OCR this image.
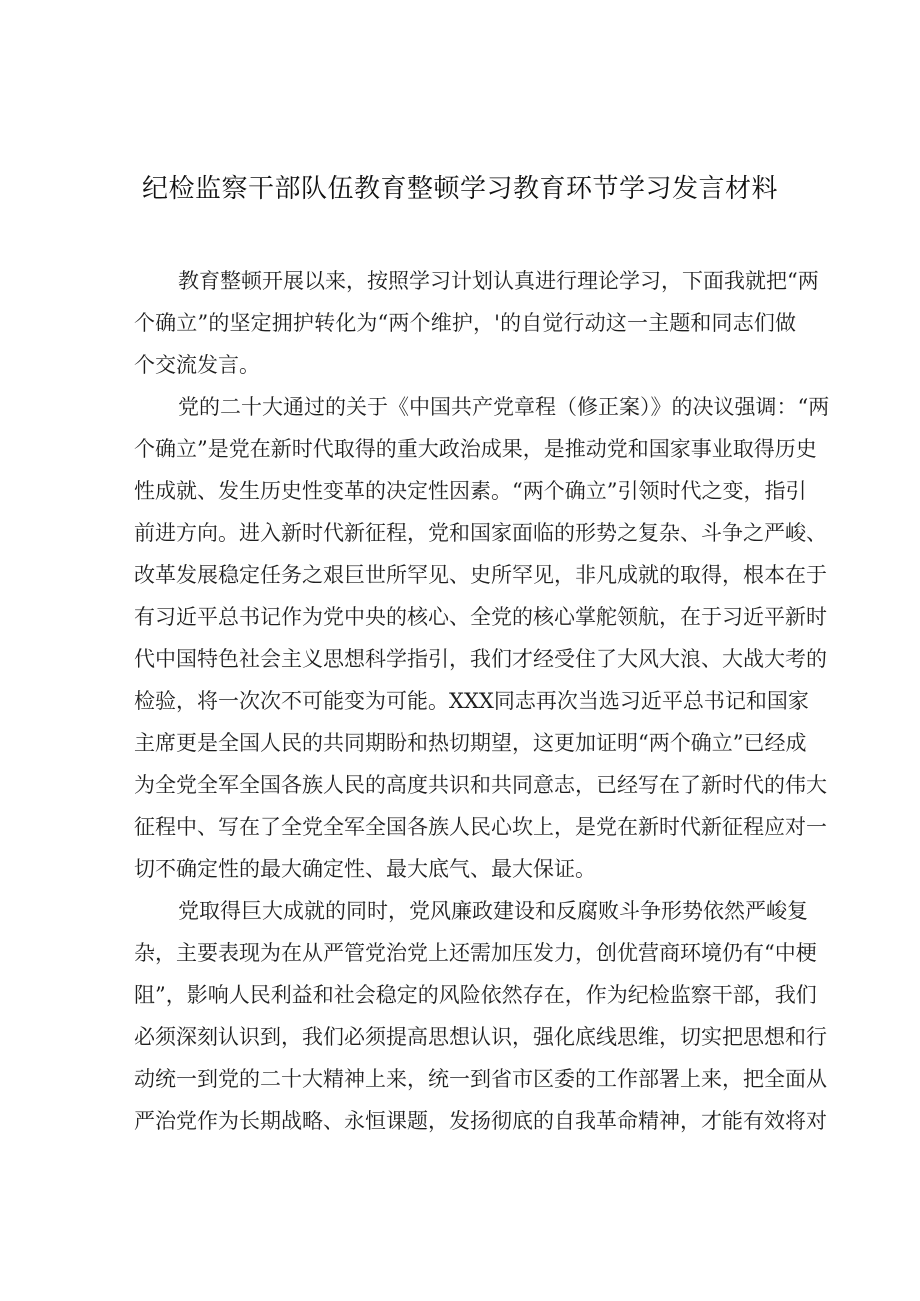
纪检监察干部队伍教育整顿学习教育环节学习发言材料
教育整顿开展以来，按照学习计划认真进行理论学习，下面我就把“两
个确立”的坚定拥护转化为“两个维护，'的自觉行动这一主题和同志们做
个交流发言。
党的二十大通过的关于《中国共产党章程（修正案）》的决议强调：“两
个确立”是党在新时代取得的重大政治成果，是推动党和国家事业取得历史
性成就、发生历史性变革的决定性因素。“两个确立”引领时代之变，指引
前进方向。进入新时代新征程，党和国家面临的形势之复杂、斗争之严峻、
改革发展稳定任务之艰巨世所罕见、史所罕见，非凡成就的取得，根本在于
有习近平总书记作为党中央的核心、全党的核心掌舵领航，在于习近平新时
代中国特色社会主义思想科学指引，我们才经受住了大风大浪、大战大考的
检验，将一次次不可能变为可能。XXX同志再次当选习近平总书记和国家
主席更是全国人民的共同期盼和热切期望，这更加证明“两个确立”已经成
为全党全军全国各族人民的高度共识和共同意志，已经写在了新时代的伟大
征程中、写在了全党全军全国各族人民心坎上，是党在新时代新征程应对一
切不确定性的最大确定性、最大底气、最大保证。
党取得巨大成就的同时，党风廉政建设和反腐败斗争形势依然严峻复
杂，主要表现为在从严管党治党上还需加压发力，创优营商环境仍有“中梗
阻”，影响人民利益和社会稳定的风险依然存在，作为纪检监察干部，我们
必须深刻认识到，我们必须提高思想认识，强化底线思维，切实把思想和行
动统一到党的二十大精神上来，统一到省市区委的工作部署上来，把全面从
严治党作为长期战略、永恒课题，发扬彻底的自我革命精神，才能有效将对
